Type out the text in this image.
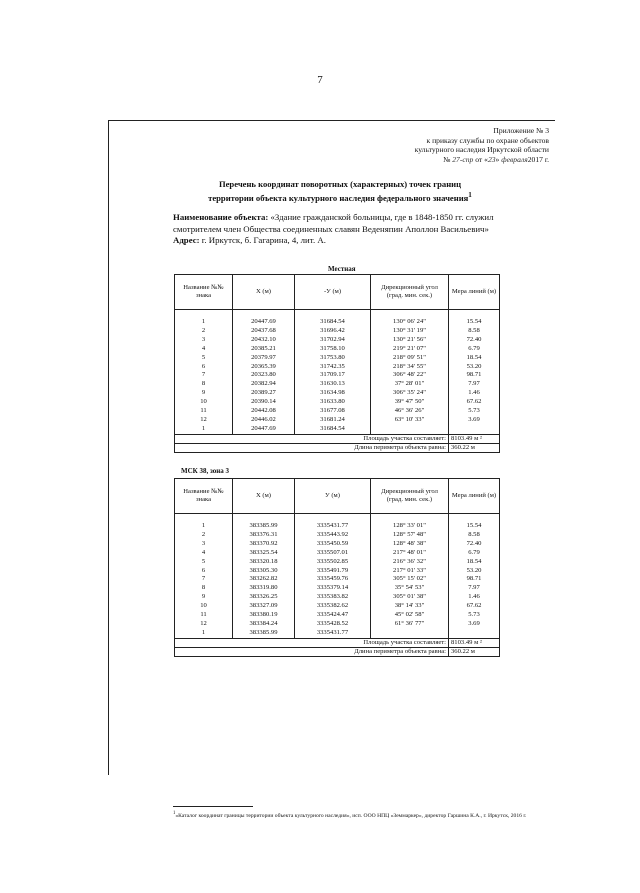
7
Приложение № 3
к приказу службы по охране объектов
культурного наследия Иркутской области
№ 27-спр от «23» февраля2017 г.
Перечень координат поворотных (характерных) точек границ
территории объекта культурного наследия федерального значения$^1$
Наименование объекта: «Здание гражданской больницы, где в 1848-1850 гг. служил смотрителем член Общества соединенных славян Веденяпин Аполлон Васильевич»
Адрес: г. Иркутск, б. Гагарина, 4, лит. А.
Местная
Название №№ знака	X (м)	-У (м)	Дирекционный угол (град. мин. сек.)	Мера линий (м)
1	20447.69	31684.54	130° 06' 24"	15.54
2	20437.68	31696.42	130° 31' 19"	8.58
3	20432.10	31702.94	130° 21' 56"	72.40
4	20385.21	31758.10	219° 21' 07"	6.79
5	20379.97	31753.80	218° 09' 51"	18.54
6	20365.39	31742.35	218° 34' 55"	53.20
7	20323.80	31709.17	306° 48' 22"	98.71
8	20382.94	31630.13	37° 28' 01"	7.97
9	20389.27	31634.98	306° 35' 24"	1.46
10	20390.14	31633.80	39° 47' 50"	67.62
11	20442.08	31677.08	46° 36' 26"	5.73
12	20446.02	31681.24	63° 10' 33"	3.69
1	20447.69	31684.54		
Площадь участка составляет:				8103.49 м ²
Длина периметра объекта равна:				360.22 м
МСК 38, зона 3
Название №№ знака	X (м)	У (м)	Дирекционный угол (град. мин. сек.)	Мера линий (м)
1	383385.99	3335431.77	128° 33' 01"	15.54
2	383376.31	3335443.92	128° 57' 48"	8.58
3	383370.92	3335450.59	128° 48' 38"	72.40
4	383325.54	3335507.01	217° 48' 01"	6.79
5	383320.18	3335502.85	216° 36' 32"	18.54
6	383305.30	3335491.79	217° 01' 33"	53.20
7	383262.82	3335459.76	305° 15' 02"	98.71
8	383319.80	3335379.14	35° 54' 53"	7.97
9	383326.25	3335383.82	305° 01' 38"	1.46
10	383327.09	3335382.62	38° 14' 33"	67.62
11	383380.19	3335424.47	45° 02' 58"	5.73
12	383384.24	3335428.52	61° 36' 77"	3.69
1	383385.99	3335431.77		
Площадь участка составляет:				8103.49 м ²
Длина периметра объекта равна:				360.22 м
$^1$«Каталог координат границы территории объекта культурного наследия», исп. ООО НПЦ «Земмаркер», директор Гаршина К.А., г. Иркутск, 2016 г.
